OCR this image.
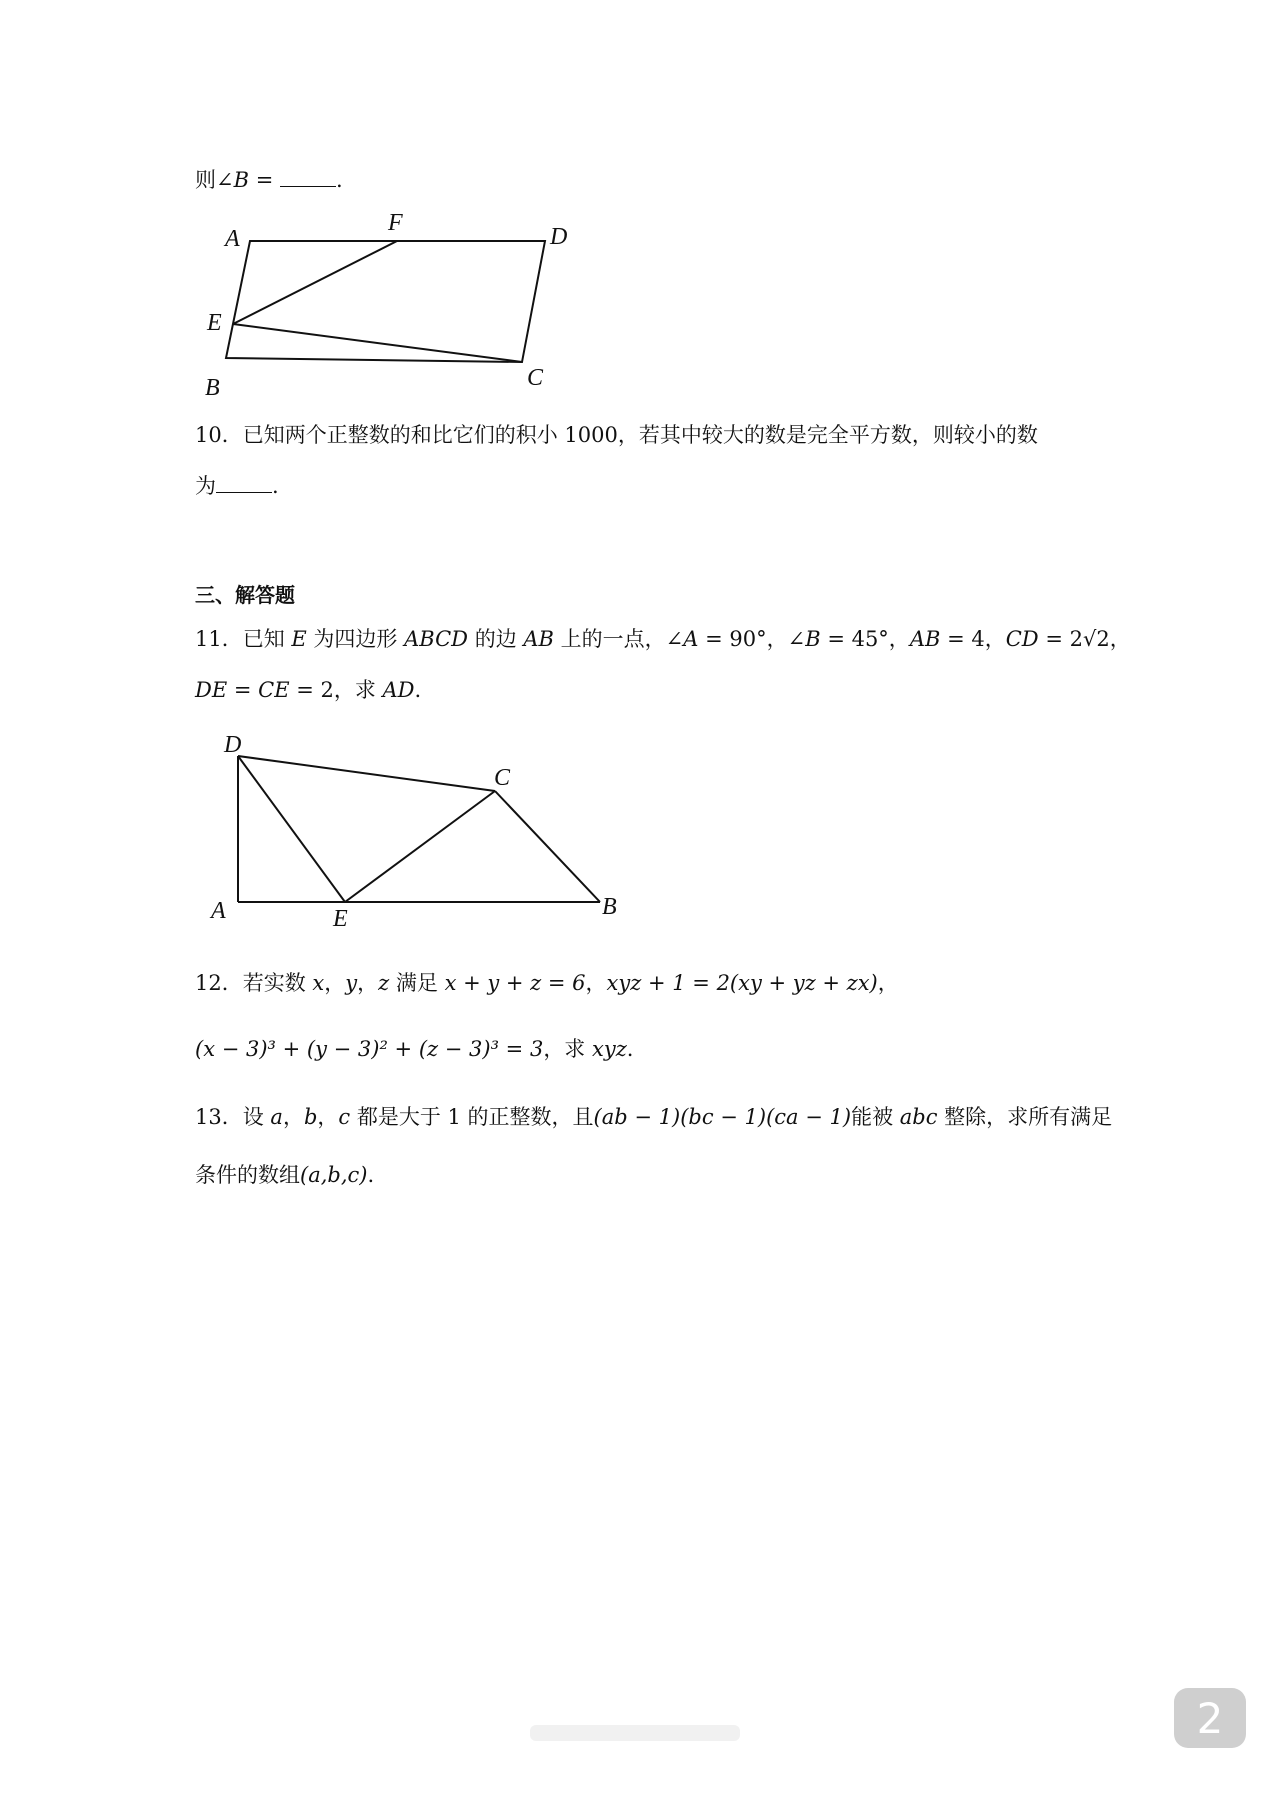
则∠B =	.
A
F
D
E
B	C
10．已知两个正整数的和比它们的积小 1000，若其中较大的数是完全平方数，则较小的数
为	.
三、解答题
11．已知 E 为四边形 ABCD 的边 AB 上的一点，∠A = 90°，∠B = 45°，AB = 4，CD = 2√2，
DE = CE = 2，求 AD.
D
C
A	E	B
12．若实数 x，y，z 满足 x + y + z = 6，xyz + 1 = 2(xy + yz + zx)，
(x − 3)³ + (y − 3)² + (z − 3)³ = 3，求 xyz.
13．设 a，b，c 都是大于 1 的正整数，且(ab − 1)(bc − 1)(ca − 1)能被 abc 整除，求所有满足
条件的数组(a,b,c).
2
